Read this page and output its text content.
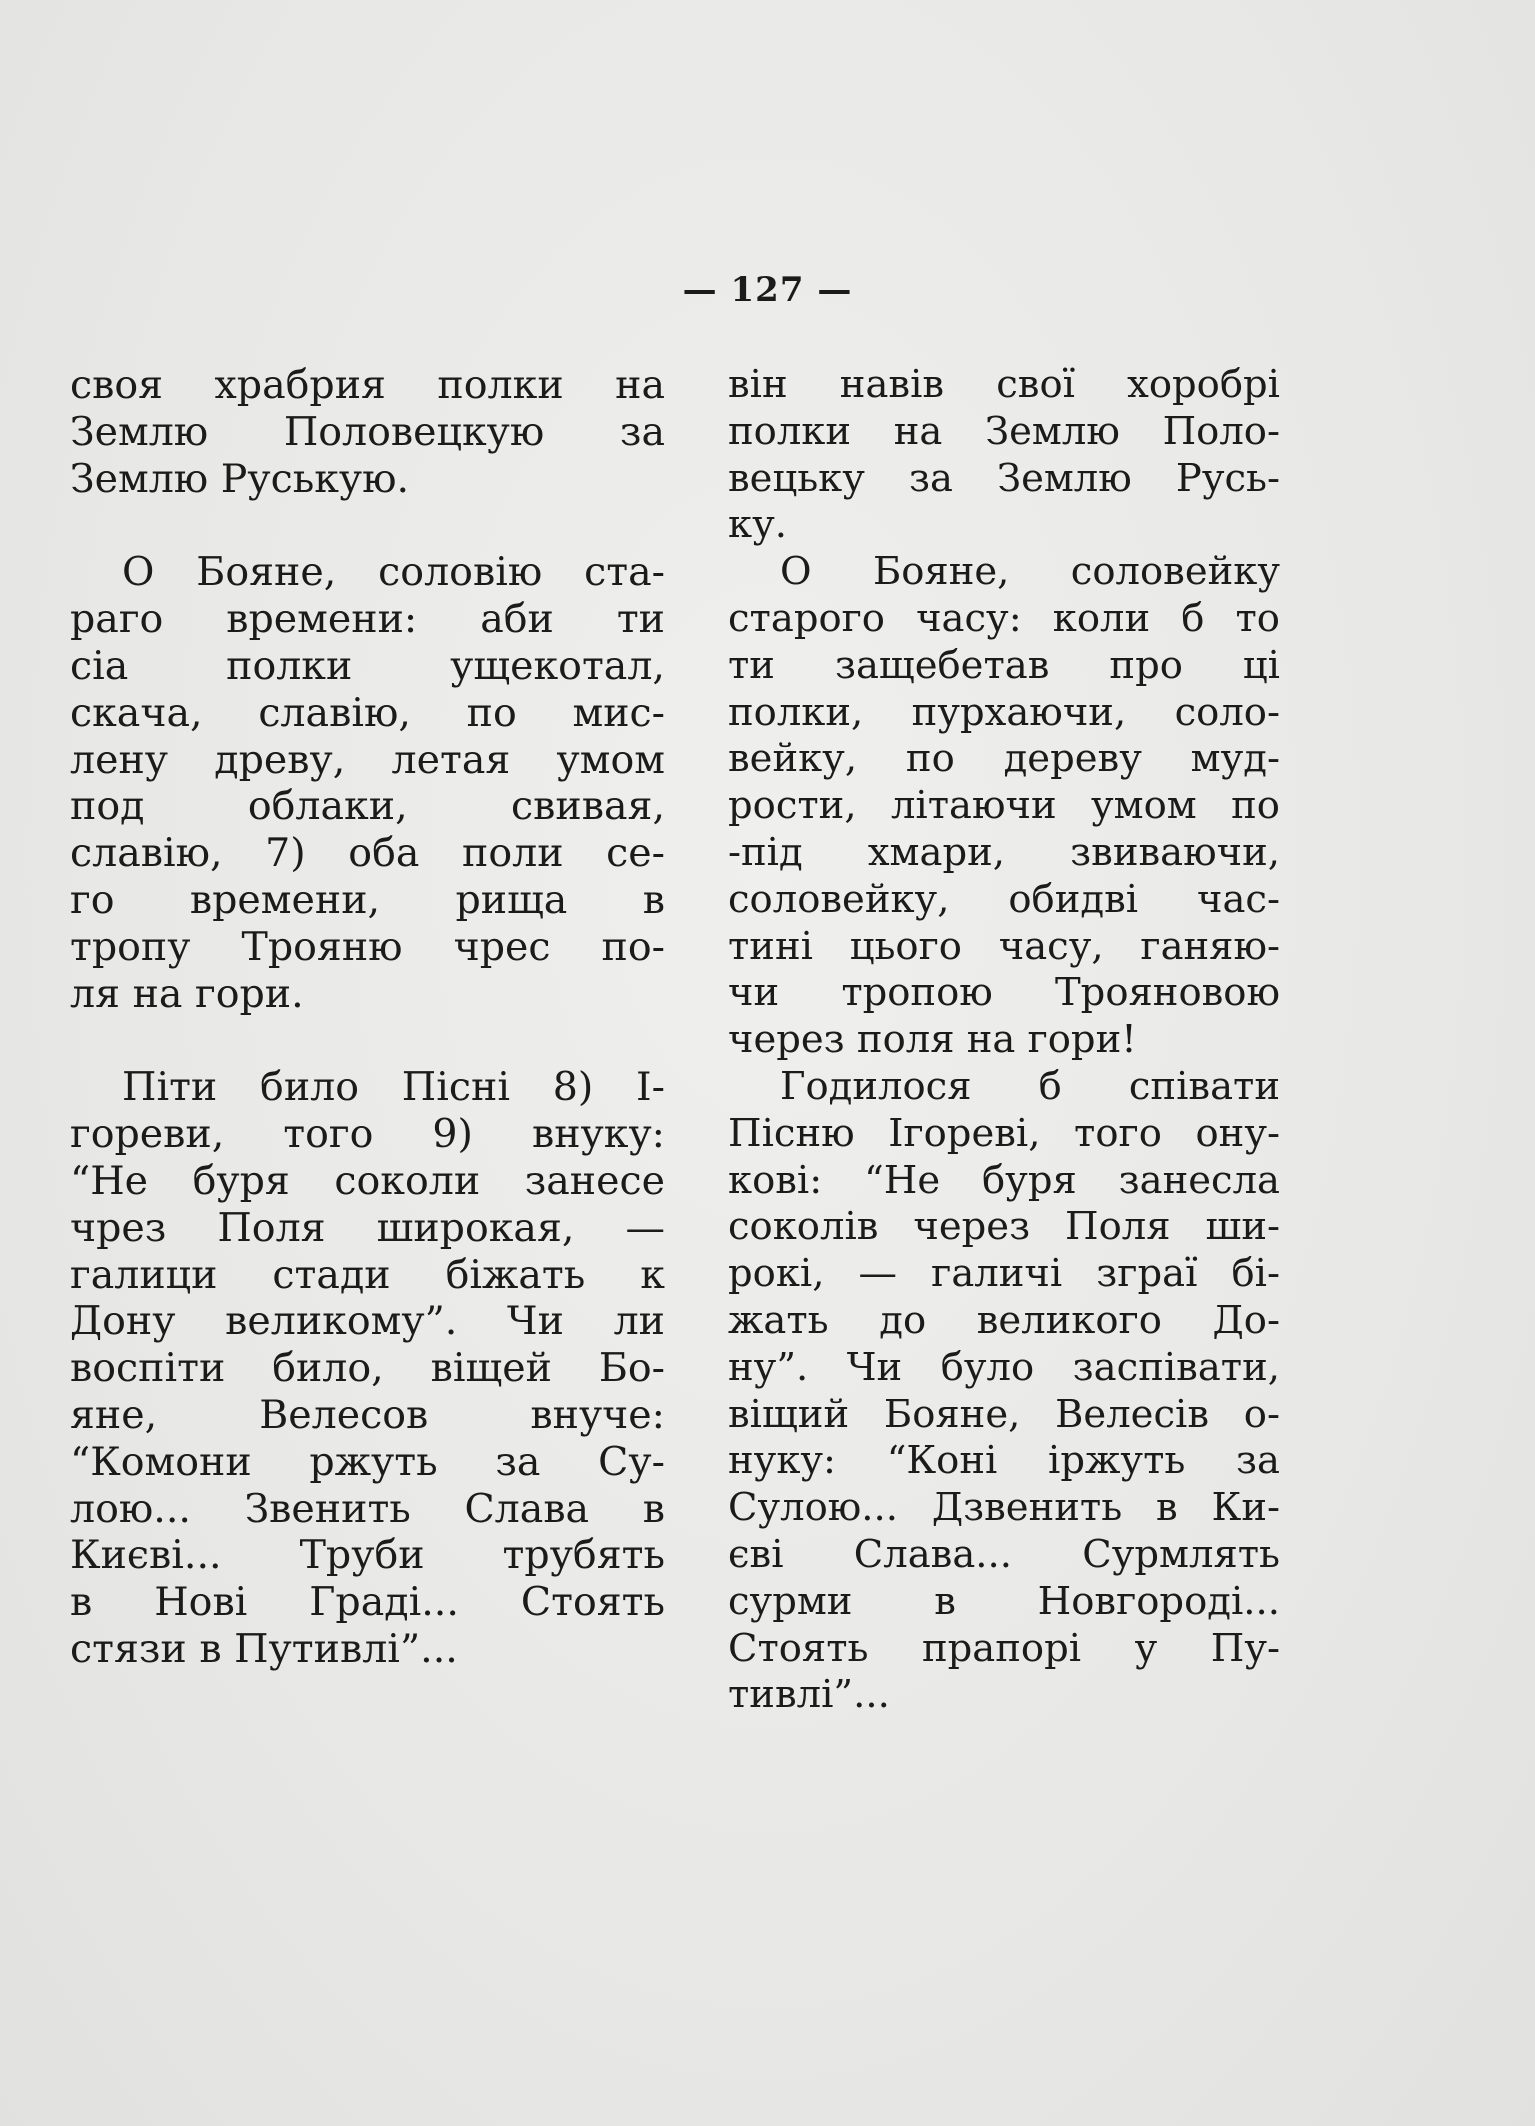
— 127 —
своя храбрия полки на
Землю Половецкую за
Землю Руськую.
О Бояне, соловію ста-
раго времени: аби ти
сіа полки ущекотал,
скача, славію, по мис-
лену древу, летая умом
под облаки, свивая,
славію, 7) оба поли се-
го времени, рища в
тропу Трояню чрес по-
ля на гори.
Піти било Пісні 8) І-
гореви, того 9) внуку:
“Не буря соколи занесе
чрез Поля широкая, —
галици стади біжать к
Дону великому”. Чи ли
воспіти било, віщей Бо-
яне, Велесов внуче:
“Комони ржуть за Су-
лою... Звенить Слава в
Києві... Труби трубять
в Нові Граді... Стоять
стязи в Путивлі”...
він навів свої хоробрі
полки на Землю Поло-
вецьку за Землю Русь-
ку.
О Бояне, соловейку
старого часу: коли б то
ти защебетав про ці
полки, пурхаючи, соло-
вейку, по дереву муд-
рости, літаючи умом по
-під хмари, звиваючи,
соловейку, обидві час-
тині цього часу, ганяю-
чи тропою Трояновою
через поля на гори!
Годилося б співати
Пісню Ігореві, того ону-
кові: “Не буря занесла
соколів через Поля ши-
рокі, — галичі зграї бі-
жать до великого До-
ну”. Чи було заспівати,
віщий Бояне, Велесів о-
нуку: “Коні іржуть за
Сулою... Дзвенить в Ки-
єві Слава... Сурмлять
сурми в Новгороді...
Стоять прапорі у Пу-
тивлі”...
